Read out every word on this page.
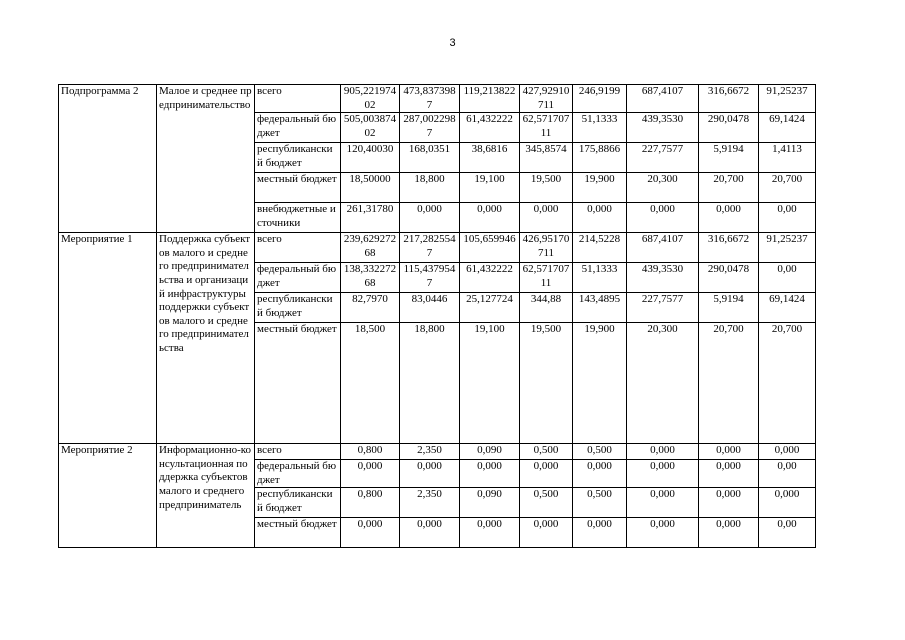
3
Подпрограмма 2	Малое и среднее предпринимательство	всего	905,22197402	473,8373987	119,213822	427,92910711	246,9199	687,4107	316,6672	91,25237
		федеральный бюджет	505,00387402	287,0022987	61,432222	62,57170711	51,1333	439,3530	290,0478	69,1424
		республиканский бюджет	120,40030	168,0351	38,6816	345,8574	175,8866	227,7577	5,9194	1,4113
		местный бюджет	18,50000	18,800	19,100	19,500	19,900	20,300	20,700	20,700
		внебюджетные источники	261,31780	0,000	0,000	0,000	0,000	0,000	0,000	0,00
Мероприятие 1	Поддержка субъектов малого и среднего предпринимательства и организаций инфраструктуры поддержки субъектов малого и среднего предпринимательства	всего	239,62927268	217,2825547	105,659946	426,95170711	214,5228	687,4107	316,6672	91,25237
		федеральный бюджет	138,33227268	115,4379547	61,432222	62,57170711	51,1333	439,3530	290,0478	0,00
		республиканский бюджет	82,7970	83,0446	25,127724	344,88	143,4895	227,7577	5,9194	69,1424
		местный бюджет	18,500	18,800	19,100	19,500	19,900	20,300	20,700	20,700
Мероприятие 2	Информационно-консультационная поддержка субъектов малого и среднего предприниматель	всего	0,800	2,350	0,090	0,500	0,500	0,000	0,000	0,000
		федеральный бюджет	0,000	0,000	0,000	0,000	0,000	0,000	0,000	0,00
		республиканский бюджет	0,800	2,350	0,090	0,500	0,500	0,000	0,000	0,000
		местный бюджет	0,000	0,000	0,000	0,000	0,000	0,000	0,000	0,00
